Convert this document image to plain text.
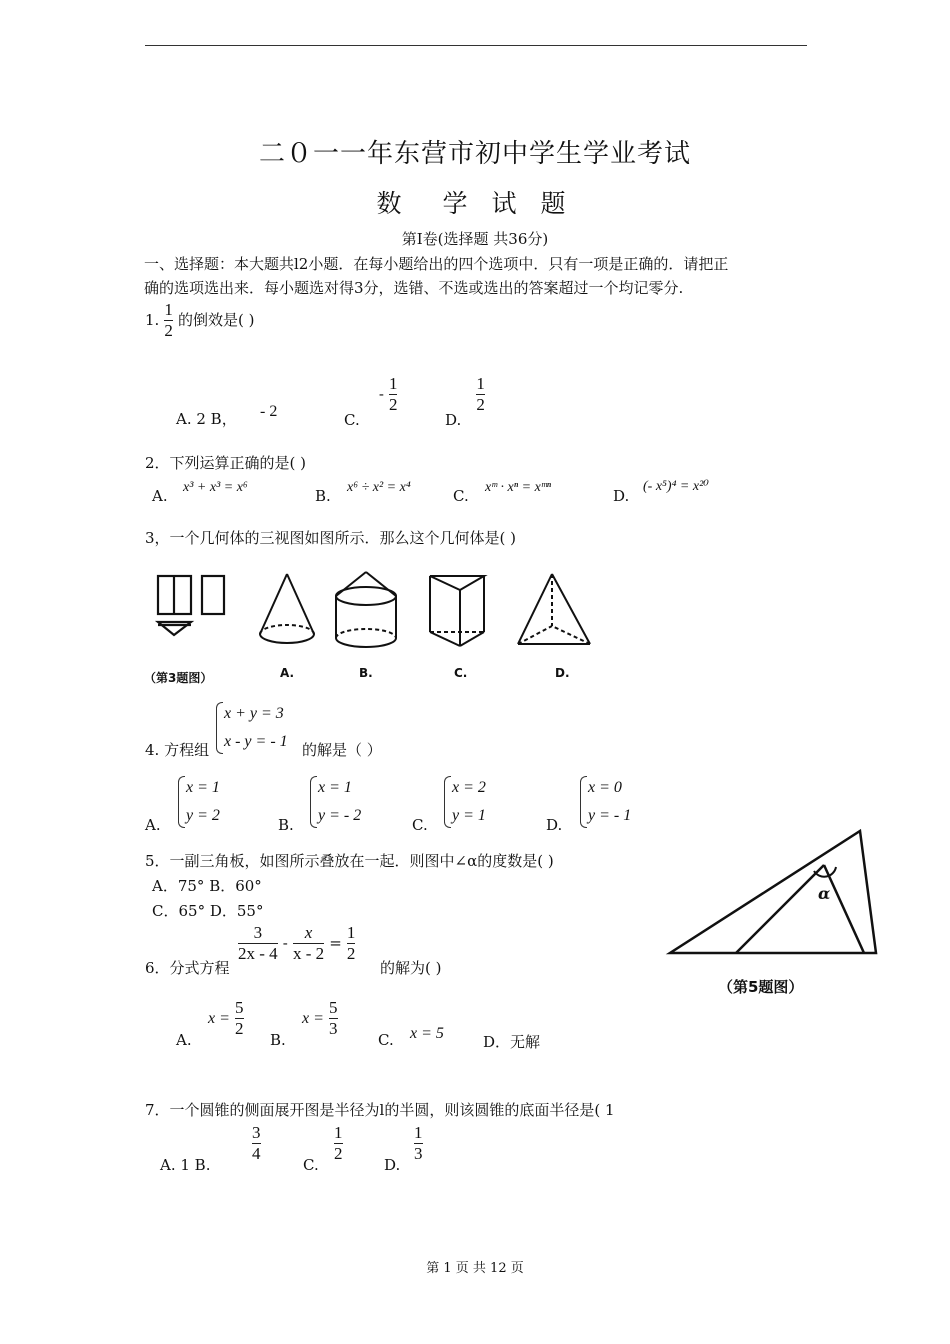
二０一一年东营市初中学生学业考试
数　学 试 题
第Ⅰ卷(选择题 共36分)
一、选择题：本大题共l2小题．在每小题给出的四个选项中．只有一项是正确的．请把正
确的选项选出来．每小题选对得3分，选错、不选或选出的答案超过一个均记零分.
1. $\frac{1}{2}$ 的倒效是( )
A. 2 B， - 2	C. - $\frac{1}{2}$
D.
$\frac{1}{2}$
2．下列运算正确的是( )
A. x³ + x³ = x⁶	B. x⁶ ÷ x² = x⁴	C. xᵐ · xⁿ = xᵐⁿ	D.
(- x⁵)⁴ = x²⁰
3，一个几何体的三视图如图所示．那么这个几何体是( )
（第3题图）	A.	B.	C.	D.
4. 方程组
x + y = 3
x - y = - 1 的解是（ ）
A.
x = 1
y = 2
B.
x = 1
y = - 2
C.
x = 2
y = 1
D.
x = 0
y = - 1
5．一副三角板，如图所示叠放在一起．则图中∠α的度数是( )
A．75° B．60°
C．65° D．55°
α
（第5题图）
6．分式方程
$\frac{3}{2x - 4} - \frac{x}{x - 2} = \frac{1}{2}$
的解为( )
A.
$x = \frac{5}{2}$
B.
$x = \frac{5}{3}$
C. x = 5	D．无解
7．一个圆锥的侧面展开图是半径为l的半圆，则该圆锥的底面半径是( 1
A. 1 B.
$\frac{3}{4}$
C.
$\frac{1}{2}$
D.
$\frac{1}{3}$
第 1 页 共 12 页
